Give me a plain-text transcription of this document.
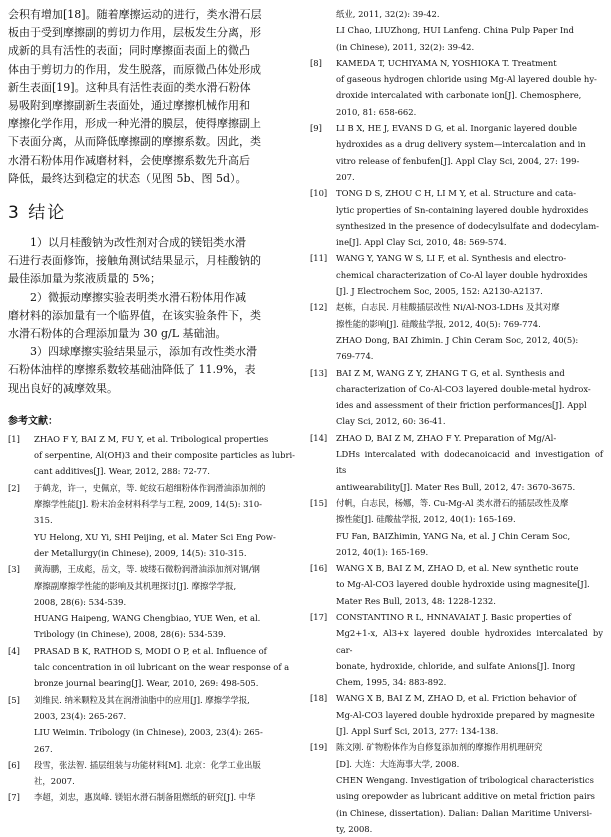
会积有增加[18]。随着摩擦运动的进行，类水滑石层
板由于受到摩擦副的剪切力作用，层板发生分离，形
成新的具有活性的表面；同时摩擦面表面上的微凸
体由于剪切力的作用，发生脱落，而原微凸体处形成
新生表面[19]。这种具有活性表面的类水滑石粉体
易吸附到摩擦副新生表面处，通过摩擦机械作用和
摩擦化学作用，形成一种光滑的膜层，使得摩擦副上
下表面分离，从而降低摩擦副的摩擦系数。因此，类
水滑石粉体用作减磨材料，会使摩擦系数先升高后
降低，最终达到稳定的状态（见图 5b、图 5d）。
3 结论
1）以月桂酸钠为改性剂对合成的镁铝类水滑
石进行表面修饰，接触角测试结果显示，月桂酸钠的
最佳添加量为浆液质量的 5%；
2）微振动摩擦实验表明类水滑石粉体用作减
磨材料的添加量有一个临界值，在该实验条件下，类
水滑石粉体的合理添加量为 30 g/L 基础油。
3）四球摩擦实验结果显示，添加有改性类水滑
石粉体油样的摩擦系数较基础油降低了 11.9%，表
现出良好的减摩效果。
参考文献：
[1]	ZHAO F Y, BAI Z M, FU Y, et al. Tribological properties
of serpentine, Al(OH)3 and their composite particles as lubri-
cant additives[J]. Wear, 2012, 288: 72-77.
[2]	于鹤龙，许一，史佩京，等. 蛇纹石超细粉体作润滑油添加剂的
摩擦学性能[J]. 粉末冶金材料科学与工程, 2009, 14(5): 310-
315.
YU Helong, XU Yi, SHI Peijing, et al. Mater Sci Eng Pow-
der Metallurgy(in Chinese), 2009, 14(5): 310-315.
[3]	黄海鹏，王成彪，岳文，等. 坡缕石微粉润滑油添加剂对钢/钢
摩擦副摩擦学性能的影响及其机理探讨[J]. 摩擦学学报,
2008, 28(6): 534-539.
HUANG Haipeng, WANG Chengbiao, YUE Wen, et al.
Tribology (in Chinese), 2008, 28(6): 534-539.
[4]	PRASAD B K, RATHOD S, MODI O P, et al. Influence of
talc concentration in oil lubricant on the wear response of a
bronze journal bearing[J]. Wear, 2010, 269: 498-505.
[5]	刘维民. 纳米颗粒及其在润滑油脂中的应用[J]. 摩擦学学报,
2003, 23(4): 265-267.
LIU Weimin. Tribology (in Chinese), 2003, 23(4): 265-
267.
[6]	段雪，张法智. 插层组装与功能材料[M]. 北京：化学工业出版
社，2007.
[7]	李超，刘忠，惠岚峰. 镁铝水滑石制备阻燃纸的研究[J]. 中华
纸业, 2011, 32(2): 39-42.
LI Chao, LIUZhong, HUI Lanfeng. China Pulp Paper Ind
(in Chinese), 2011, 32(2): 39-42.
[8]	KAMEDA T, UCHIYAMA N, YOSHIOKA T. Treatment
of gaseous hydrogen chloride using Mg-Al layered double hy-
droxide intercalated with carbonate ion[J]. Chemosphere,
2010, 81: 658-662.
[9]	LI B X, HE J, EVANS D G, et al. Inorganic layered double
hydroxides as a drug delivery system—intercalation and in
vitro release of fenbufen[J]. Appl Clay Sci, 2004, 27: 199-
207.
[10]	TONG D S, ZHOU C H, LI M Y, et al. Structure and cata-
lytic properties of Sn-containing layered double hydroxides
synthesized in the presence of dodecylsulfate and dodecylam-
ine[J]. Appl Clay Sci, 2010, 48: 569-574.
[11]	WANG Y, YANG W S, LI F, et al. Synthesis and electro-
chemical characterization of Co-Al layer double hydroxides
[J]. J Electrochem Soc, 2005, 152: A2130-A2137.
[12]	赵栋，白志民. 月桂酸插层改性 Ni/Al-NO3-LDHs 及其对摩
擦性能的影响[J]. 硅酸盐学报, 2012, 40(5): 769-774.
ZHAO Dong, BAI Zhimin. J Chin Ceram Soc, 2012, 40(5):
769-774.
[13]	BAI Z M, WANG Z Y, ZHANG T G, et al. Synthesis and
characterization of Co-Al-CO3 layered double-metal hydrox-
ides and assessment of their friction performances[J]. Appl
Clay Sci, 2012, 60: 36-41.
[14]	ZHAO D, BAI Z M, ZHAO F Y. Preparation of Mg/Al-
LDHs intercalated with dodecanoicacid and investigation of its
antiwearability[J]. Mater Res Bull, 2012, 47: 3670-3675.
[15]	付帆，白志民，杨娜，等. Cu-Mg-Al 类水滑石的插层改性及摩
擦性能[J]. 硅酸盐学报, 2012, 40(1): 165-169.
FU Fan, BAIZhimin, YANG Na, et al. J Chin Ceram Soc,
2012, 40(1): 165-169.
[16]	WANG X B, BAI Z M, ZHAO D, et al. New synthetic route
to Mg-Al-CO3 layered double hydroxide using magnesite[J].
Mater Res Bull, 2013, 48: 1228-1232.
[17]	CONSTANTINO R L, HNNAVAIAT J. Basic properties of
Mg2+1-x, Al3+x layered double hydroxides intercalated by car-
bonate, hydroxide, chloride, and sulfate Anions[J]. Inorg
Chem, 1995, 34: 883-892.
[18]	WANG X B, BAI Z M, ZHAO D, et al. Friction behavior of
Mg-Al-CO3 layered double hydroxide prepared by magnesite
[J]. Appl Surf Sci, 2013, 277: 134-138.
[19]	陈文刚. 矿物粉体作为自修复添加剂的摩擦作用机理研究
[D]. 大连：大连海事大学, 2008.
CHEN Wengang. Investigation of tribological characteristics
using orepowder as lubricant additive on metal friction pairs
(in Chinese, dissertation). Dalian: Dalian Maritime Universi-
ty, 2008.
